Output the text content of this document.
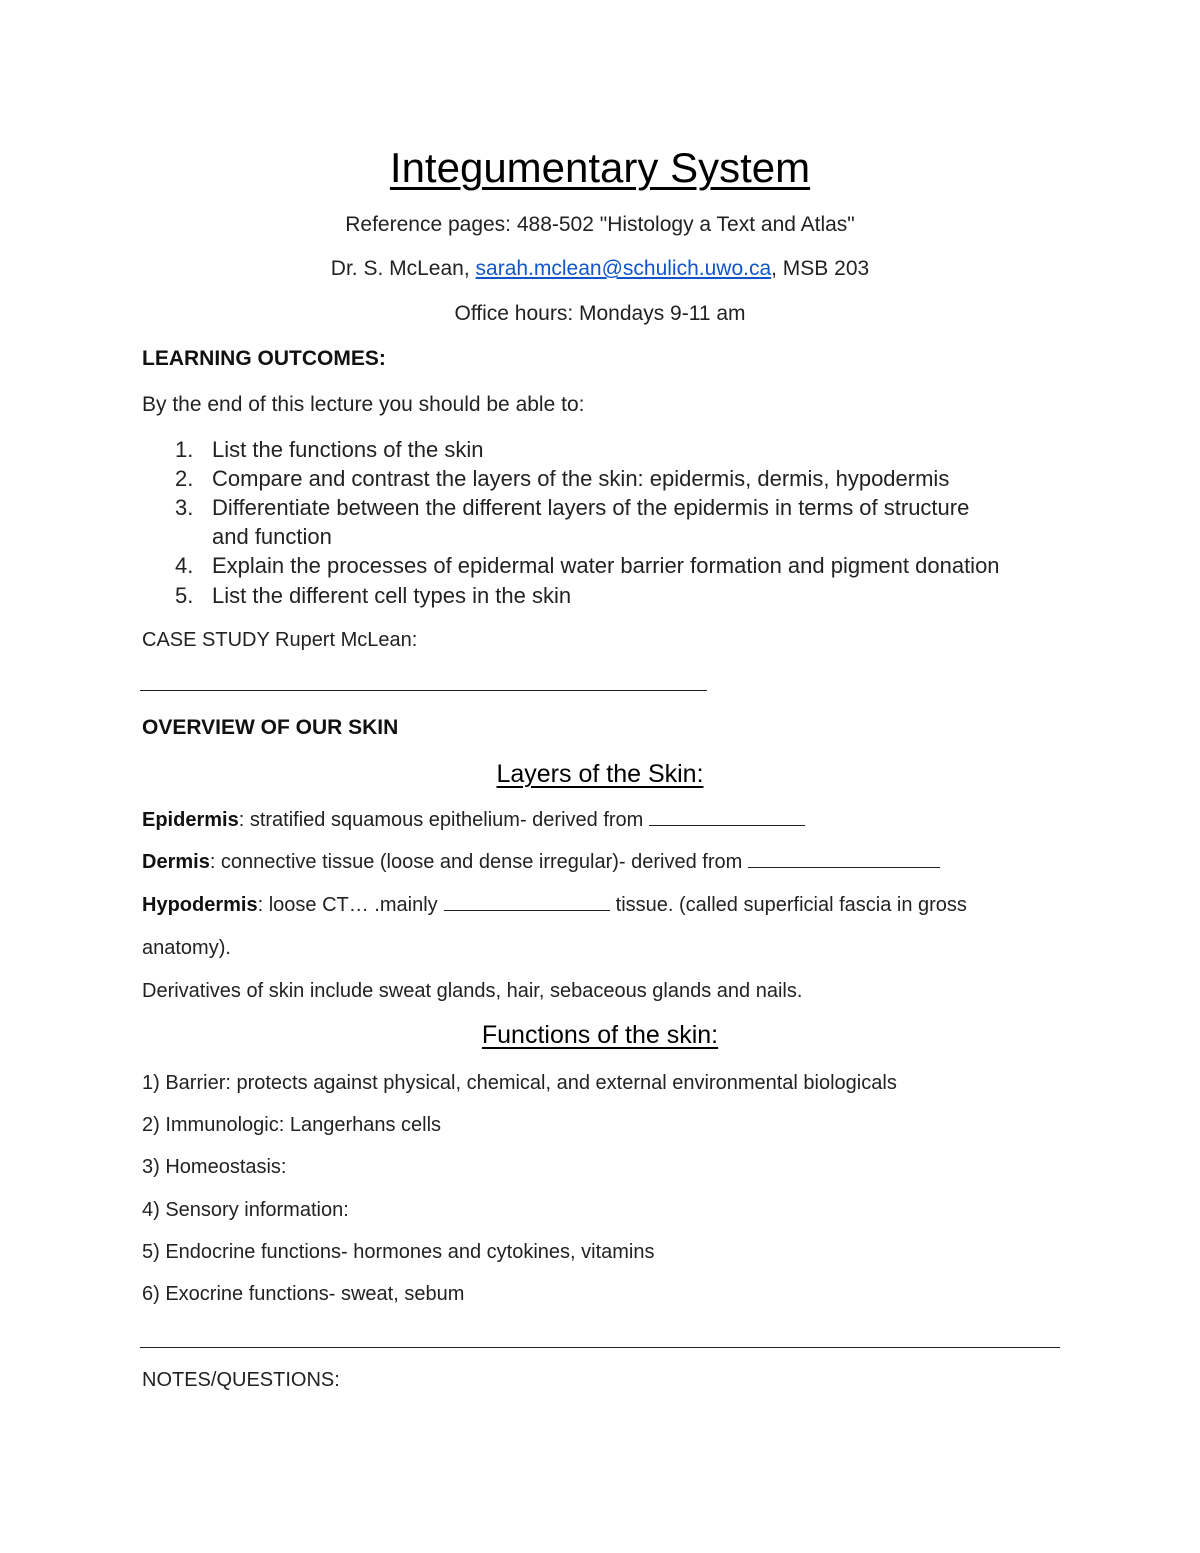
Integumentary System
Reference pages: 488-502 "Histology a Text and Atlas"
Dr. S. McLean, sarah.mclean@schulich.uwo.ca, MSB 203
Office hours: Mondays 9-11 am
LEARNING OUTCOMES:
By the end of this lecture you should be able to:
1. List the functions of the skin
2. Compare and contrast the layers of the skin: epidermis, dermis, hypodermis
3. Differentiate between the different layers of the epidermis in terms of structure
and function
4. Explain the processes of epidermal water barrier formation and pigment donation
5. List the different cell types in the skin
CASE STUDY Rupert McLean:
OVERVIEW OF OUR SKIN
Layers of the Skin:
Epidermis: stratified squamous epithelium- derived from
Dermis: connective tissue (loose and dense irregular)- derived from
Hypodermis: loose CT… .mainly	tissue. (called superficial fascia in gross
anatomy).
Derivatives of skin include sweat glands, hair, sebaceous glands and nails.
Functions of the skin:
1) Barrier: protects against physical, chemical, and external environmental biologicals
2) Immunologic: Langerhans cells
3) Homeostasis:
4) Sensory information:
5) Endocrine functions- hormones and cytokines, vitamins
6) Exocrine functions- sweat, sebum
NOTES/QUESTIONS:
